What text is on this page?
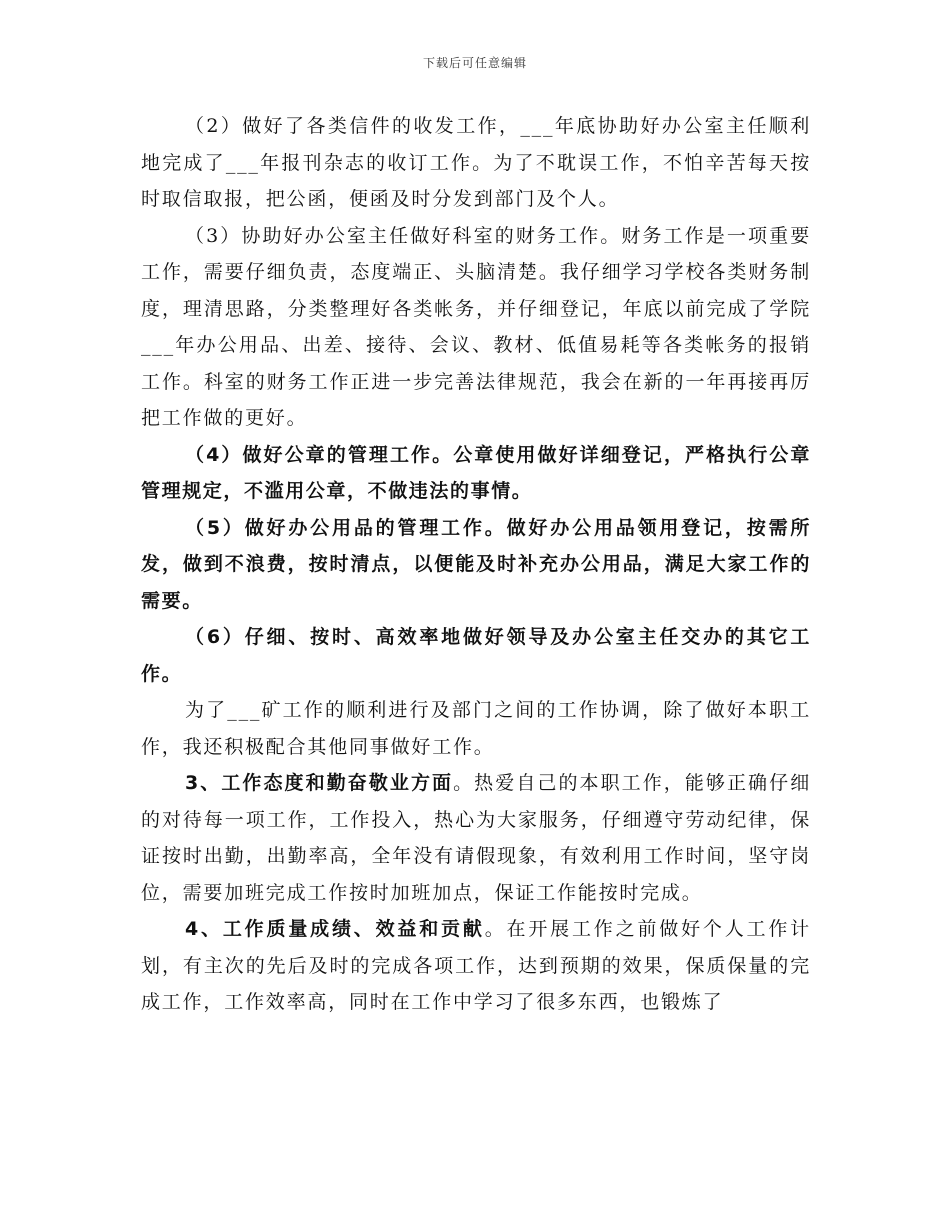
下载后可任意编辑

（2）做好了各类信件的收发工作，___年底协助好办公室主任顺利地完成了___年报刊杂志的收订工作。为了不耽误工作，不怕辛苦每天按时取信取报，把公函，便函及时分发到部门及个人。

（3）协助好办公室主任做好科室的财务工作。财务工作是一项重要工作，需要仔细负责，态度端正、头脑清楚。我仔细学习学校各类财务制度，理清思路，分类整理好各类帐务，并仔细登记，年底以前完成了学院___年办公用品、出差、接待、会议、教材、低值易耗等各类帐务的报销工作。科室的财务工作正进一步完善法律规范，我会在新的一年再接再厉把工作做的更好。

（4）做好公章的管理工作。公章使用做好详细登记，严格执行公章管理规定，不滥用公章，不做违法的事情。

（5）做好办公用品的管理工作。做好办公用品领用登记，按需所发，做到不浪费，按时清点，以便能及时补充办公用品，满足大家工作的需要。

（6）仔细、按时、高效率地做好领导及办公室主任交办的其它工作。

为了___矿工作的顺利进行及部门之间的工作协调，除了做好本职工作，我还积极配合其他同事做好工作。

3、工作态度和勤奋敬业方面。热爱自己的本职工作，能够正确仔细的对待每一项工作，工作投入，热心为大家服务，仔细遵守劳动纪律，保证按时出勤，出勤率高，全年没有请假现象，有效利用工作时间，坚守岗位，需要加班完成工作按时加班加点，保证工作能按时完成。

4、工作质量成绩、效益和贡献。在开展工作之前做好个人工作计划，有主次的先后及时的完成各项工作，达到预期的效果，保质保量的完成工作，工作效率高，同时在工作中学习了很多东西，也锻炼了
